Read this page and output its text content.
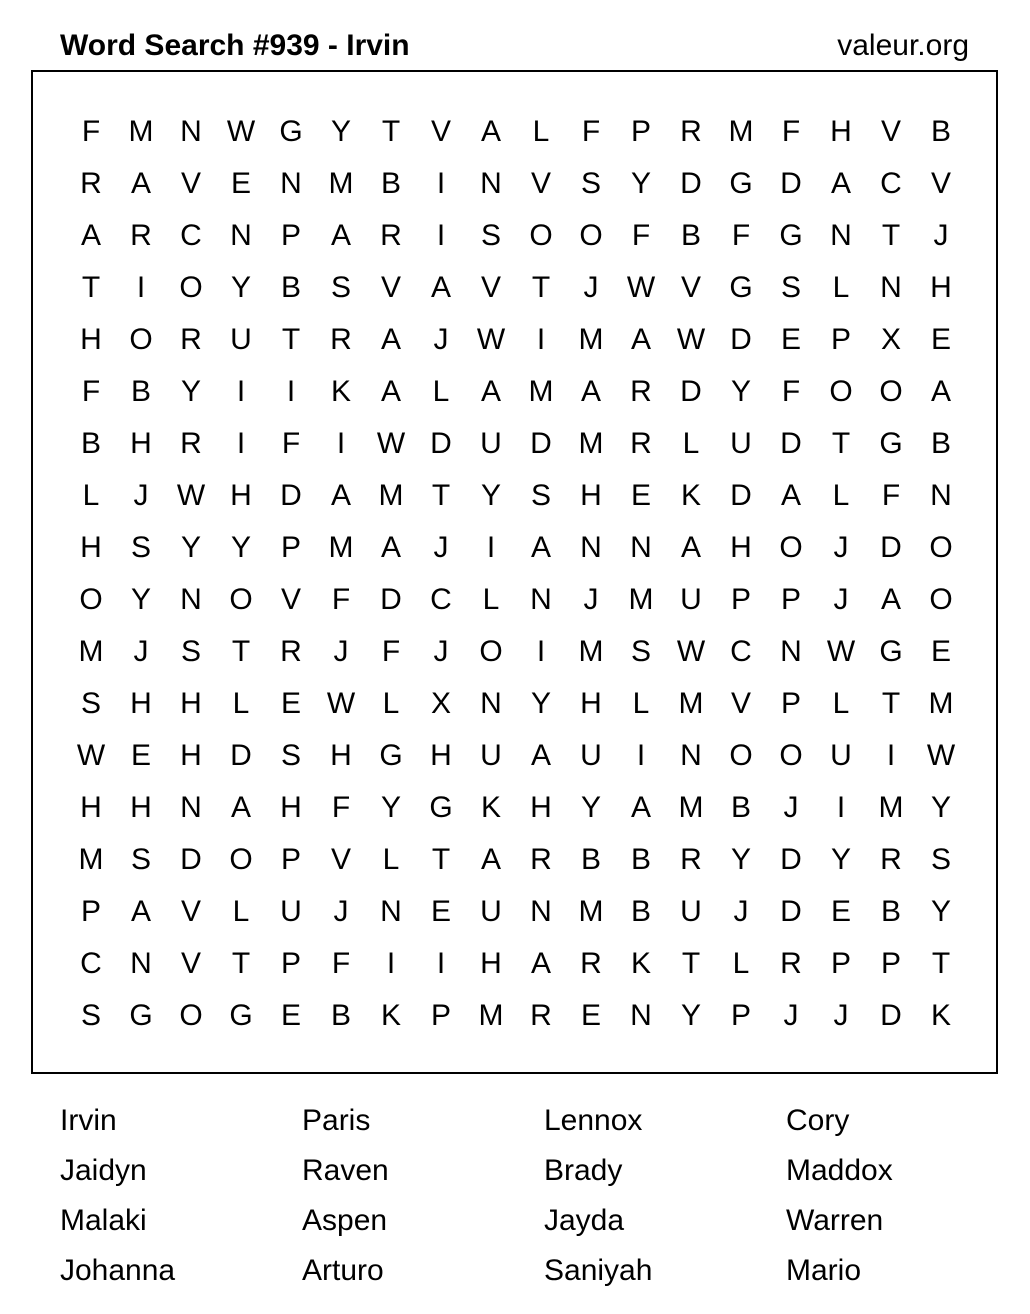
Word Search #939 - Irvin	valeur.org
F M N W G Y	T	V A	L	F	P R M F	H V B
R A V E N M B	I	N V S Y D G D A C V
A R C N P A R	I	S O O F	B	F G N	T	J
T	I	O Y B S V A V	T	J W V G S	L	N H
H O R U	T	R A	J W	I	M A W D E P X E
F	B Y	I	I	K A	L	A M A R D Y	F O O A
B H R	I	F	I	W D U D M R	L	U D	T G B
L	J W H D A M T	Y S H E K D A	L	F	N
H S Y Y P M A	J	I	A N N A H O	J	D O
O Y N O V	F	D C	L	N	J	M U P P	J	A O
M	J	S	T	R	J	F	J	O	I	M S W C N W G E
S H H	L	E W L	X N Y H	L M V P	L	T M
W E H D S H G H U A U	I	N O O U	I	W
H H N A H	F	Y G K H Y A M B	J	I	M Y
M S D O P V	L	T	A R B B R Y D Y R S
P A V	L	U	J	N E U N M B U	J	D E B Y
C N V	T	P	F	I	I	H A R K	T	L	R P P	T
S G O G E B K P M R E N Y P	J	J	D K
Irvin	Paris	Lennox	Cory
Jaidyn	Raven	Brady	Maddox
Malaki	Aspen	Jayda	Warren
Johanna	Arturo	Saniyah	Mario
